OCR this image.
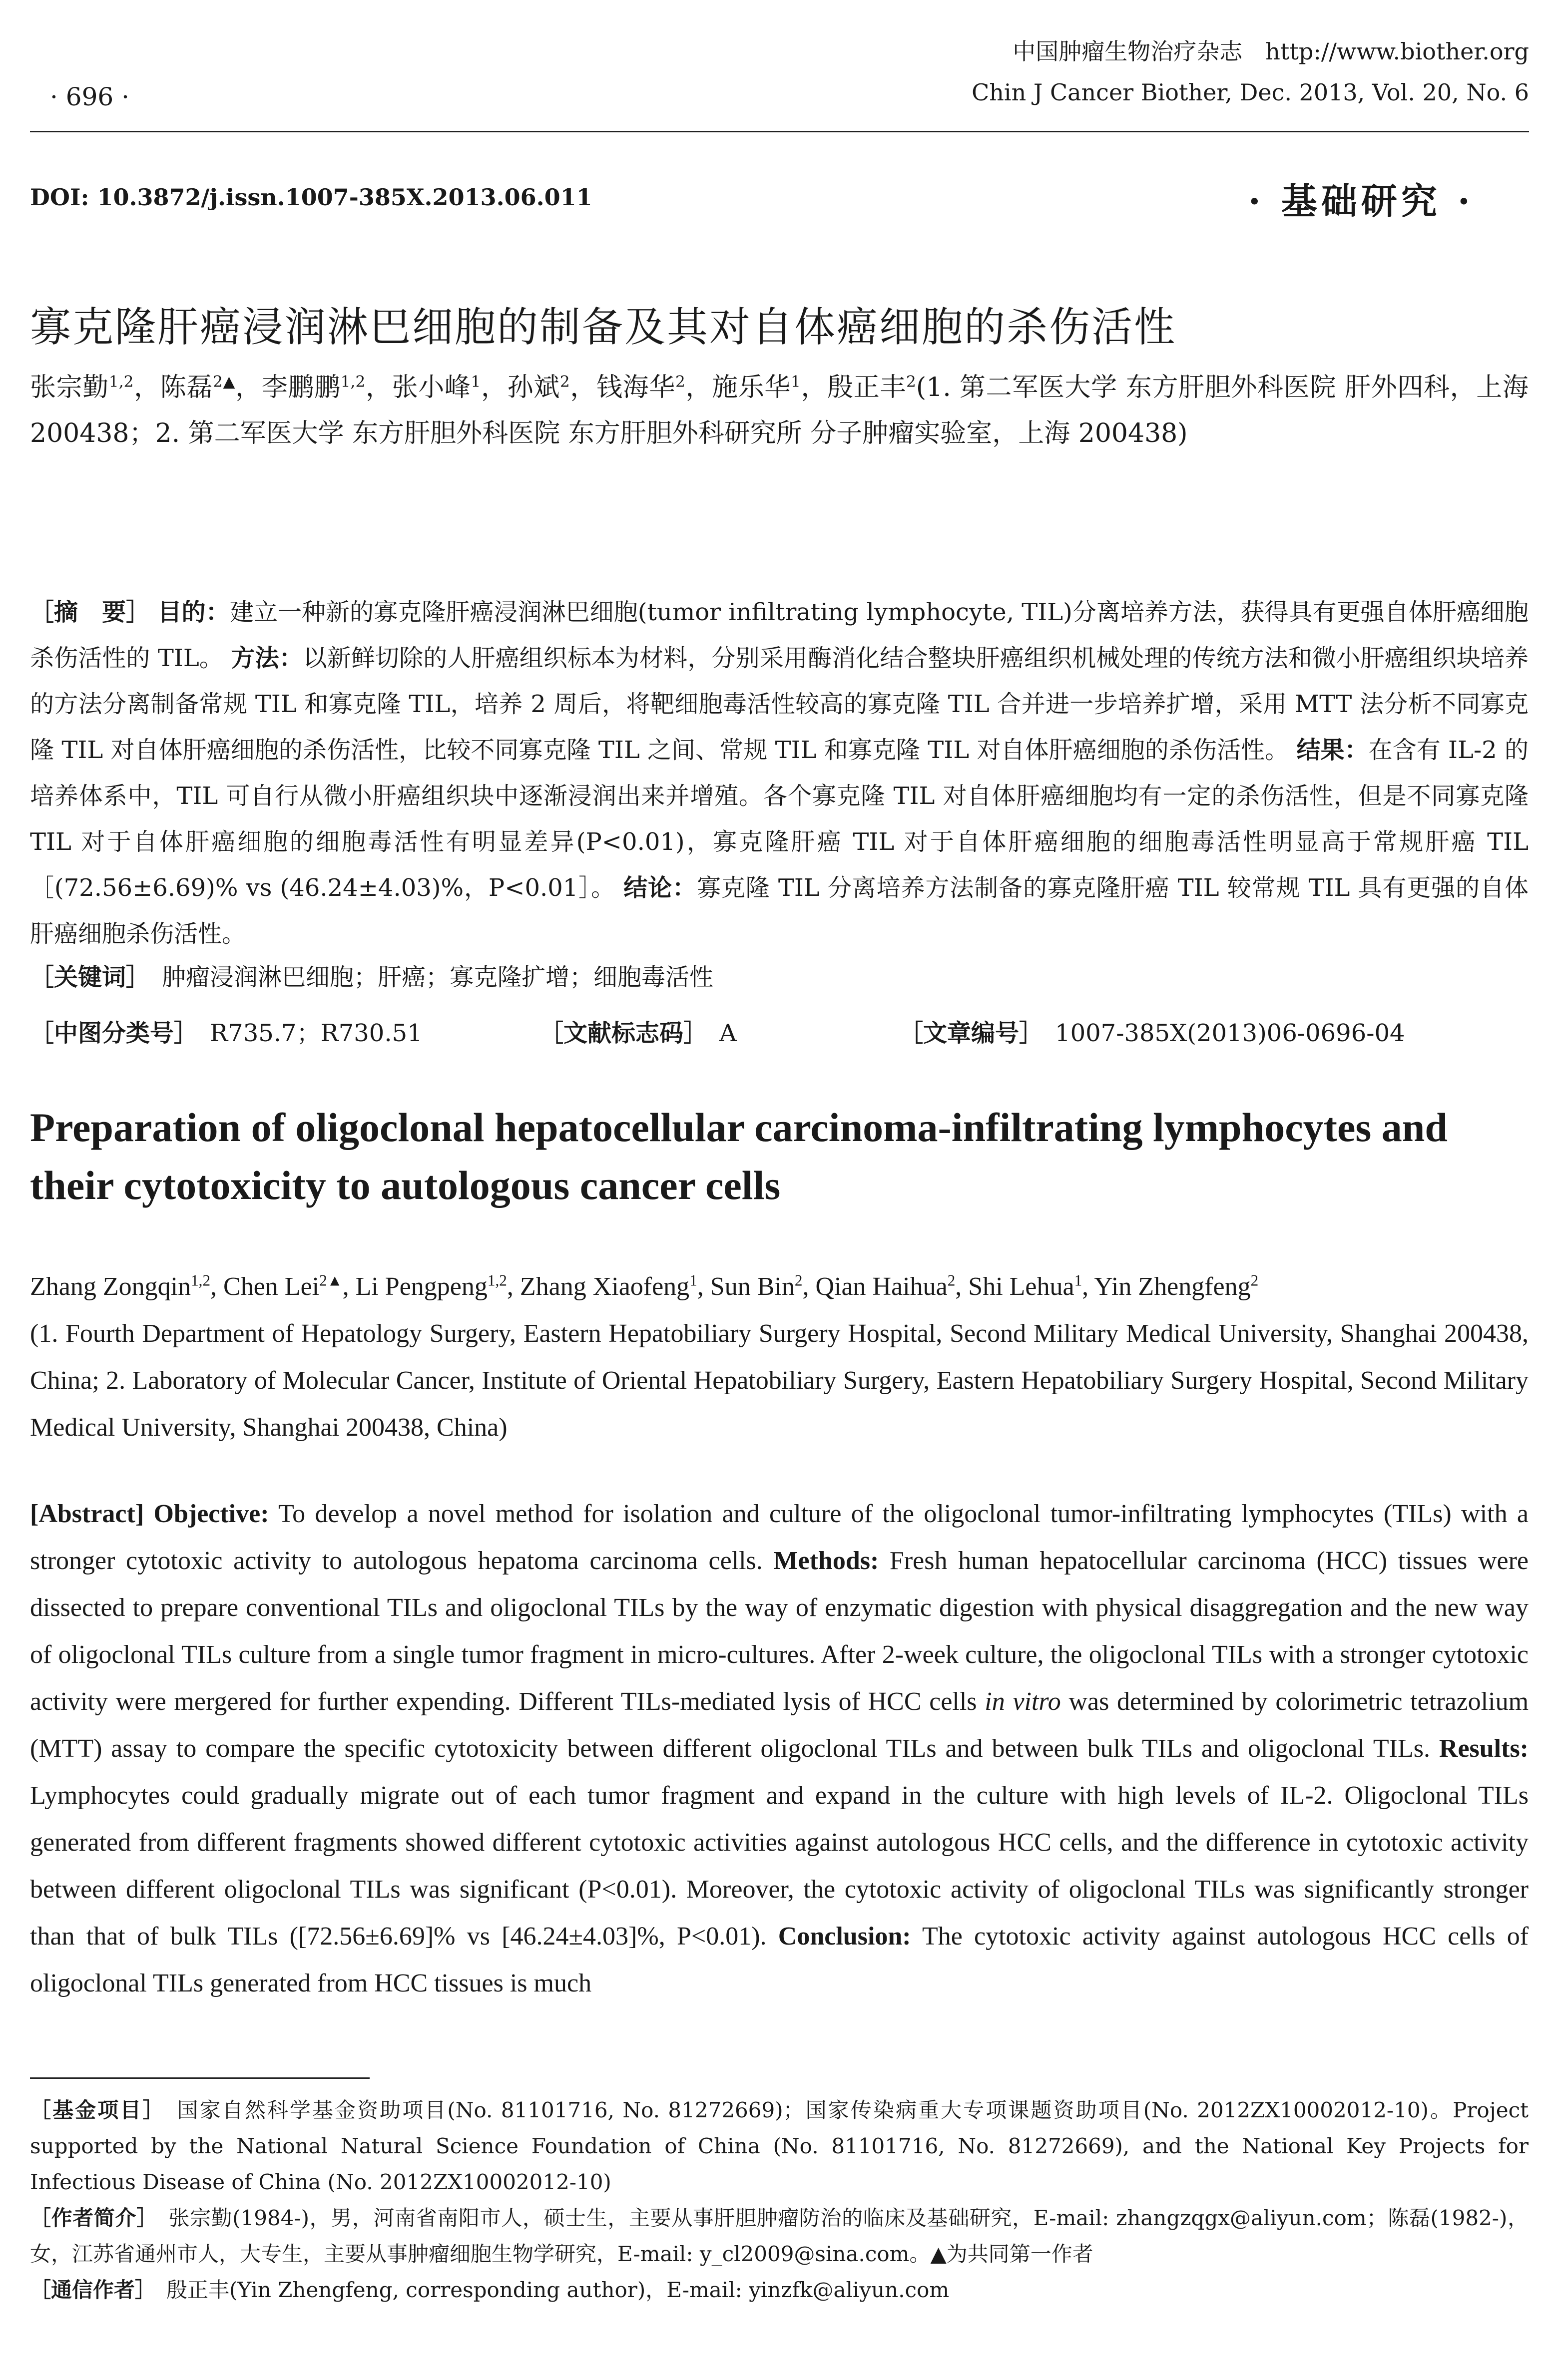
· 696 ·
中国肿瘤生物治疗杂志　http://www.biother.org
Chin J Cancer Biother, Dec. 2013, Vol. 20, No. 6
DOI: 10.3872/j.issn.1007-385X.2013.06.011	· 基础研究 ·
寡克隆肝癌浸润淋巴细胞的制备及其对自体癌细胞的杀伤活性
张宗勤$^{1,2}$，陈磊$^{2▲}$，李鹏鹏$^{1,2}$，张小峰$^1$，孙斌$^2$，钱海华$^2$，施乐华$^1$，殷正丰$^2$(1. 第二军医大学 东方肝胆外科医院 肝外四科，上海 200438；2. 第二军医大学 东方肝胆外科医院 东方肝胆外科研究所 分子肿瘤实验室，上海 200438)
［摘　要］ 目的：建立一种新的寡克隆肝癌浸润淋巴细胞(tumor infiltrating lymphocyte, TIL)分离培养方法，获得具有更强自体肝癌细胞杀伤活性的 TIL。 方法：以新鲜切除的人肝癌组织标本为材料，分别采用酶消化结合整块肝癌组织机械处理的传统方法和微小肝癌组织块培养的方法分离制备常规 TIL 和寡克隆 TIL，培养 2 周后，将靶细胞毒活性较高的寡克隆 TIL 合并进一步培养扩增，采用 MTT 法分析不同寡克隆 TIL 对自体肝癌细胞的杀伤活性，比较不同寡克隆 TIL 之间、常规 TIL 和寡克隆 TIL 对自体肝癌细胞的杀伤活性。 结果：在含有 IL-2 的培养体系中，TIL 可自行从微小肝癌组织块中逐渐浸润出来并增殖。各个寡克隆 TIL 对自体肝癌细胞均有一定的杀伤活性，但是不同寡克隆 TIL 对于自体肝癌细胞的细胞毒活性有明显差异(P<0.01)，寡克隆肝癌 TIL 对于自体肝癌细胞的细胞毒活性明显高于常规肝癌 TIL［(72.56±6.69)% vs (46.24±4.03)%，P<0.01］。 结论：寡克隆 TIL 分离培养方法制备的寡克隆肝癌 TIL 较常规 TIL 具有更强的自体肝癌细胞杀伤活性。
［关键词］　 肿瘤浸润淋巴细胞；肝癌；寡克隆扩增；细胞毒活性
［中图分类号］　 R735.7；R730.51	［文献标志码］　 A	［文章编号］　 1007-385X(2013)06-0696-04
Preparation of oligoclonal hepatocellular carcinoma-infiltrating lymphocytes and their cytotoxicity to autologous cancer cells
Zhang Zongqin$^{1,2}$, Chen Lei$^{2▲}$, Li Pengpeng$^{1,2}$, Zhang Xiaofeng$^1$, Sun Bin$^2$, Qian Haihua$^2$, Shi Lehua$^1$, Yin Zhengfeng$^2$
(1. Fourth Department of Hepatology Surgery, Eastern Hepatobiliary Surgery Hospital, Second Military Medical University, Shanghai 200438, China; 2. Laboratory of Molecular Cancer, Institute of Oriental Hepatobiliary Surgery, Eastern Hepatobiliary Surgery Hospital, Second Military Medical University, Shanghai 200438, China)
[Abstract] Objective: To develop a novel method for isolation and culture of the oligoclonal tumor-infiltrating lymphocytes (TILs) with a stronger cytotoxic activity to autologous hepatoma carcinoma cells. Methods: Fresh human hepatocellular carcinoma (HCC) tissues were dissected to prepare conventional TILs and oligoclonal TILs by the way of enzymatic digestion with physical disaggregation and the new way of oligoclonal TILs culture from a single tumor fragment in micro-cultures. After 2-week culture, the oligoclonal TILs with a stronger cytotoxic activity were mergered for further expending. Different TILs-mediated lysis of HCC cells in vitro was determined by colorimetric tetrazolium (MTT) assay to compare the specific cytotoxicity between different oligoclonal TILs and between bulk TILs and oligoclonal TILs. Results: Lymphocytes could gradually migrate out of each tumor fragment and expand in the culture with high levels of IL-2. Oligoclonal TILs generated from different fragments showed different cytotoxic activities against autologous HCC cells, and the difference in cytotoxic activity between different oligoclonal TILs was significant (P<0.01). Moreover, the cytotoxic activity of oligoclonal TILs was significantly stronger than that of bulk TILs ([72.56±6.69]% vs [46.24±4.03]%, P<0.01). Conclusion: The cytotoxic activity against autologous HCC cells of oligoclonal TILs generated from HCC tissues is much
［基金项目］　 国家自然科学基金资助项目(No. 81101716, No. 81272669)；国家传染病重大专项课题资助项目(No. 2012ZX10002012-10)。Project supported by the National Natural Science Foundation of China (No. 81101716, No. 81272669), and the National Key Projects for Infectious Disease of China (No. 2012ZX10002012-10)
［作者简介］　 张宗勤(1984-)，男，河南省南阳市人，硕士生，主要从事肝胆肿瘤防治的临床及基础研究，E-mail: zhangzqgx@aliyun.com；陈磊(1982-)，女，江苏省通州市人，大专生，主要从事肿瘤细胞生物学研究，E-mail: y_cl2009@sina.com。▲为共同第一作者
［通信作者］　 殷正丰(Yin Zhengfeng, corresponding author)，E-mail: yinzfk@aliyun.com
